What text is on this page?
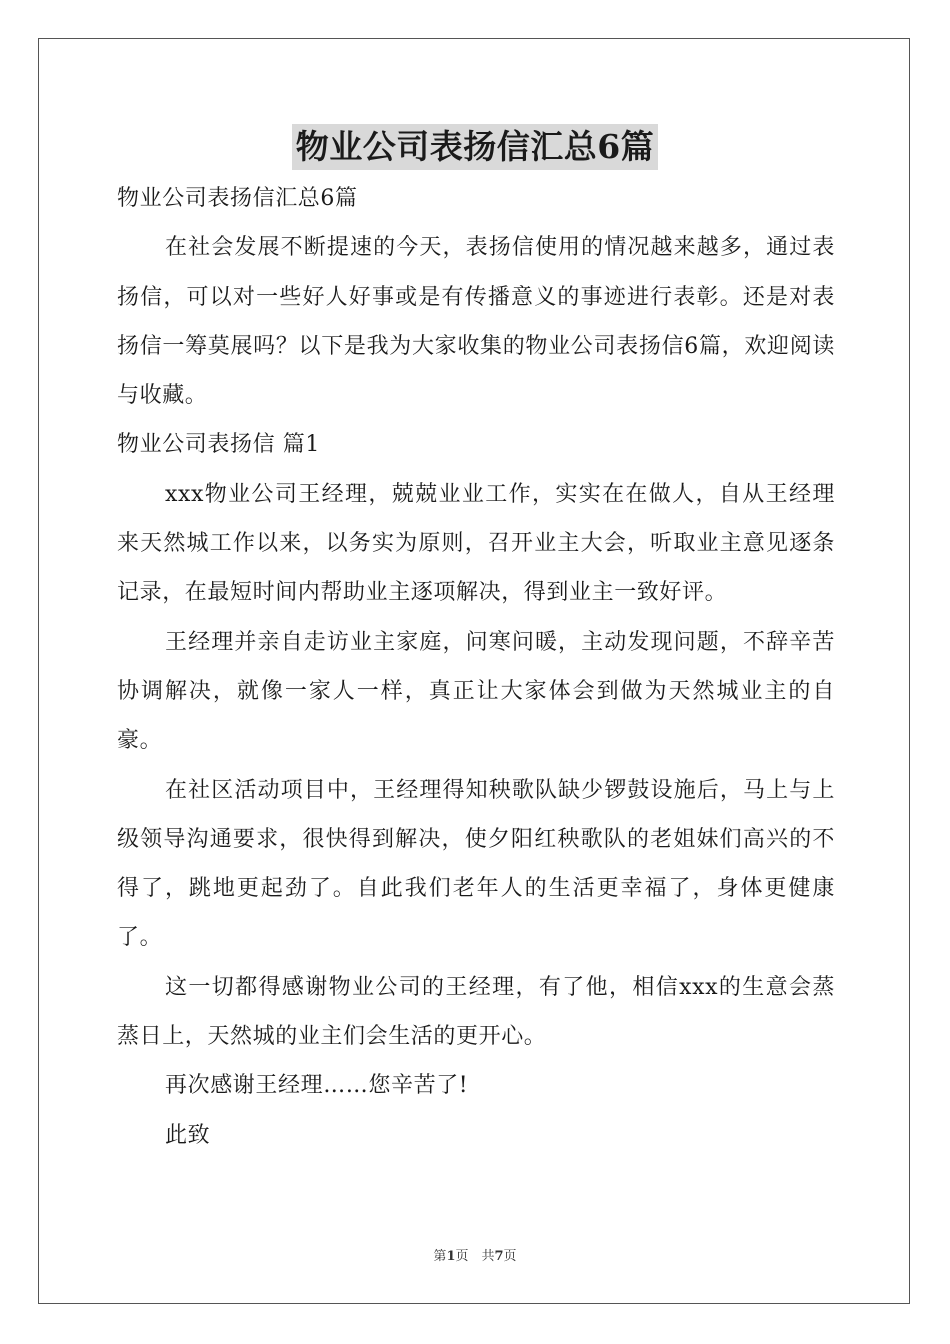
物业公司表扬信汇总6篇

物业公司表扬信汇总6篇

在社会发展不断提速的今天，表扬信使用的情况越来越多，通过表扬信，可以对一些好人好事或是有传播意义的事迹进行表彰。还是对表扬信一筹莫展吗？以下是我为大家收集的物业公司表扬信6篇，欢迎阅读与收藏。

物业公司表扬信 篇1

xxx物业公司王经理，兢兢业业工作，实实在在做人，自从王经理来天然城工作以来，以务实为原则，召开业主大会，听取业主意见逐条记录，在最短时间内帮助业主逐项解决，得到业主一致好评。

王经理并亲自走访业主家庭，问寒问暖，主动发现问题，不辞辛苦协调解决，就像一家人一样，真正让大家体会到做为天然城业主的自豪。

在社区活动项目中，王经理得知秧歌队缺少锣鼓设施后，马上与上级领导沟通要求，很快得到解决，使夕阳红秧歌队的老姐妹们高兴的不得了，跳地更起劲了。自此我们老年人的生活更幸福了，身体更健康了。

这一切都得感谢物业公司的王经理，有了他，相信xxx的生意会蒸蒸日上，天然城的业主们会生活的更开心。

再次感谢王经理……您辛苦了!

此致

第1页　共7页
